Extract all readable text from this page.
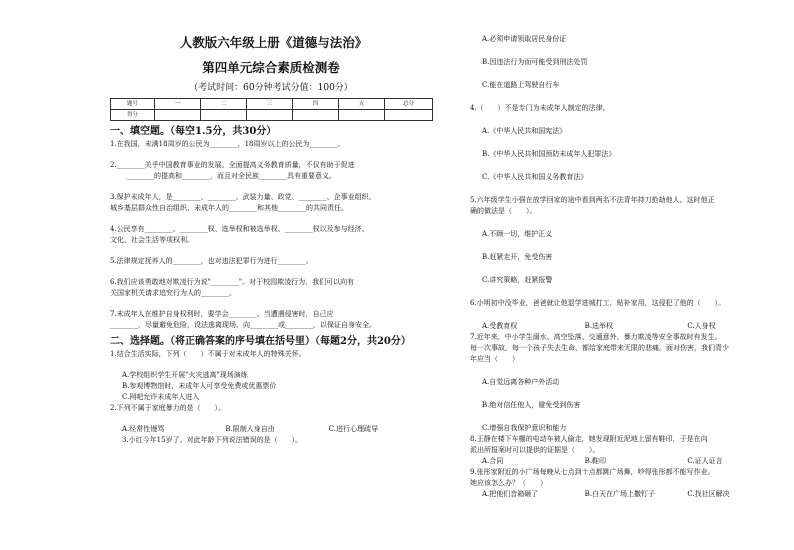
人教版六年级上册《道德与法治》
第四单元综合素质检测卷
（考试时间：60分钟考试分值：100分）
题号	一	二	三	四	五	总分
得分						
一、填空题。（每空1.5分，共30分）
1.在我国，未满18周岁的公民为________，18周岁以上的公民为________。
2.________关乎中国教育事业的发展。全面提高义务教育质量，不仅有助于促进
________的提高和________，而且对全民族________具有重要意义。
3.保护未成年人，是________、________、武装力量、政党、________、企事业组织、
城乡基层群众性自治组织、未成年人的________和其他________的共同责任。
4.公民享有________、________权、选举权和被选举权、________权以及参与经济、
文化、社会生活等项权利。
5.法律规定抚养人的________，也对违法犯罪行为进行________。
6.我们应该勇敢地对欺凌行为说"________"。对于校园欺凌行为，我们可以向有
关国家机关请求追究行为人的________。
7.未成年人在维护自身权利时，要学会________。当遭遇侵害时，自己应
________，尽量避免危险，设法逃离现场，向________或________，以保证自身安全。
二、选择题。（将正确答案的序号填在括号里）（每题2分，共20分）
1.结合生活实际，下列（　　）不属于对未成年人的特殊关怀。
A.学校组织学生开展"火灾逃离"现场演练
B.参观博物馆时，未成年人可享受免费或优惠票价
C.网吧允许未成年人进入
2.下列不属于家庭暴力的是（　　）。
A.经常性谩骂	B.限制人身自由	C.进行心理疏导
3.小红今年15岁了。对此年龄下列说法错误的是（　　）。
A.必须申请领取居民身份证
B.因违法行为而可能受到刑法处罚
C.能在道路上驾驶自行车
4.（　　）不是专门为未成年人制定的法律。
A.《中华人民共和国宪法》
B.《中华人民共和国预防未成年人犯罪法》
C.《中华人民共和国义务教育法》
5.六年级学生小强在放学回家的途中看到两名不法青年持刀抢劫他人。这时他正
确的做法是（　　）。
A.不顾一切，维护正义
B.赶紧走开，免受伤害
C.讲究策略，赶紧报警
6.小明初中没毕业，爸爸就让他退学进城打工，贴补家用，这侵犯了他的（　　）。
A.受教育权	B.选举权	C.人身权
7.近年来，中小学生溺水、高空坠落、交通意外、暴力欺凌等安全事故时有发生。
每一次事故，每一个孩子失去生命，都给家庭带来无限的悲痛。面对伤害，我们青少
年应当（　　）
A.自觉远离各种户外活动
B.绝对信任他人，避免受到伤害
C.增强自我保护意识和能力
8.王静在楼下车棚的电动车被人偷走，她发现附近泥地上留有鞋印，于是在向
派出所报案时可以提供的证据是（　　）。
A.合同	B.鞋印	C.证人证言
9.张彤家附近的小广场每晚从七点到十点都跳广场舞，吵得张彤都不能写作业。
她应该怎么办？（　　）
A.把他们音箱砸了	B.白天在广场上撒钉子	C.找社区解决
